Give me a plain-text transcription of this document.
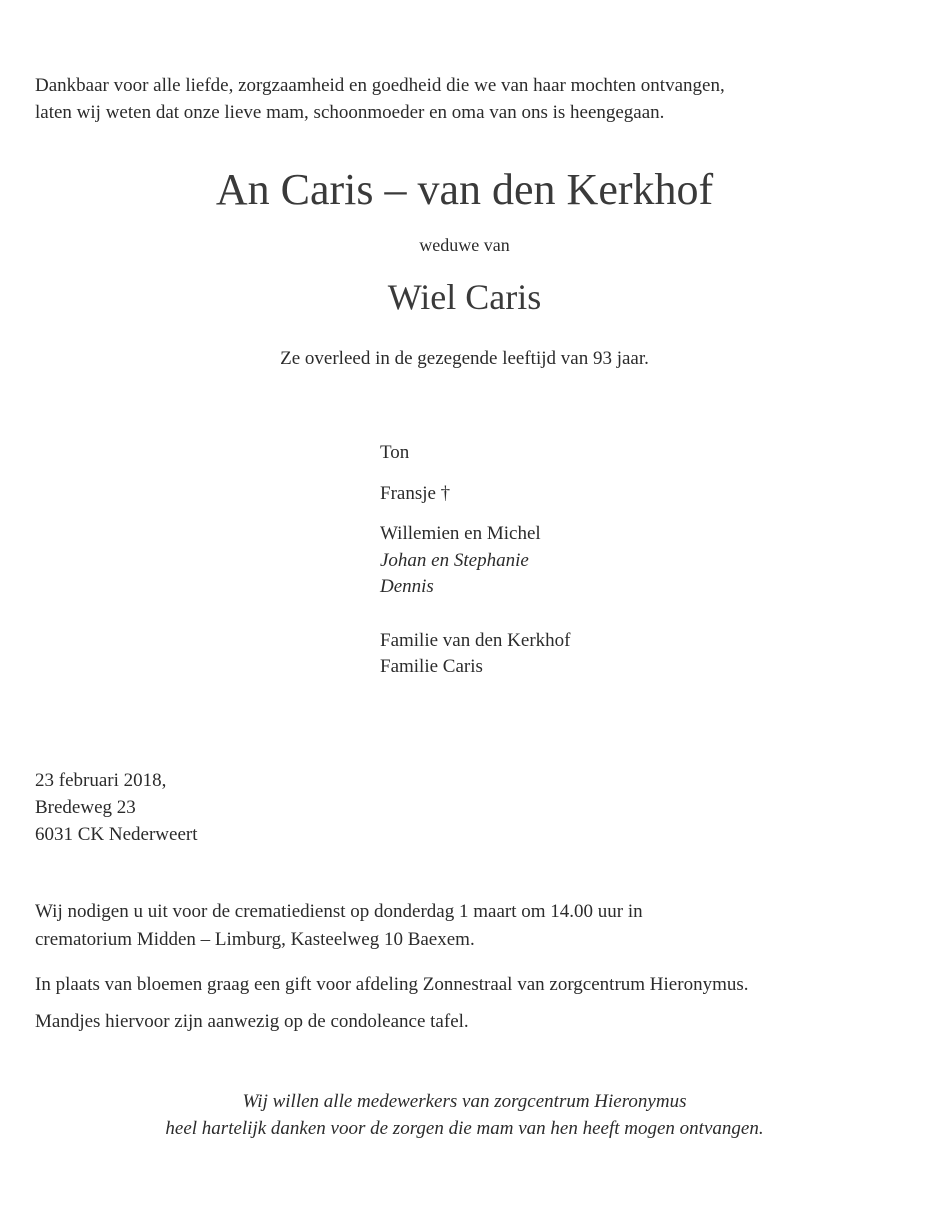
Dankbaar voor alle liefde, zorgzaamheid en goedheid die we van haar mochten ontvangen,
laten wij weten dat onze lieve mam, schoonmoeder en oma van ons is heengegaan.
An Caris – van den Kerkhof
weduwe van
Wiel Caris
Ze overleed in de gezegende leeftijd van 93 jaar.
Ton
Fransje †
Willemien en Michel
Johan en Stephanie
Dennis
Familie van den Kerkhof
Familie Caris
23 februari 2018,
Bredeweg 23
6031 CK Nederweert
Wij nodigen u uit voor de crematiedienst op donderdag 1 maart om 14.00 uur in
crematorium Midden – Limburg, Kasteelweg 10 Baexem.
In plaats van bloemen graag een gift voor afdeling Zonnestraal van zorgcentrum Hieronymus.
Mandjes hiervoor zijn aanwezig op de condoleance tafel.
Wij willen alle medewerkers van zorgcentrum Hieronymus
heel hartelijk danken voor de zorgen die mam van hen heeft mogen ontvangen.
